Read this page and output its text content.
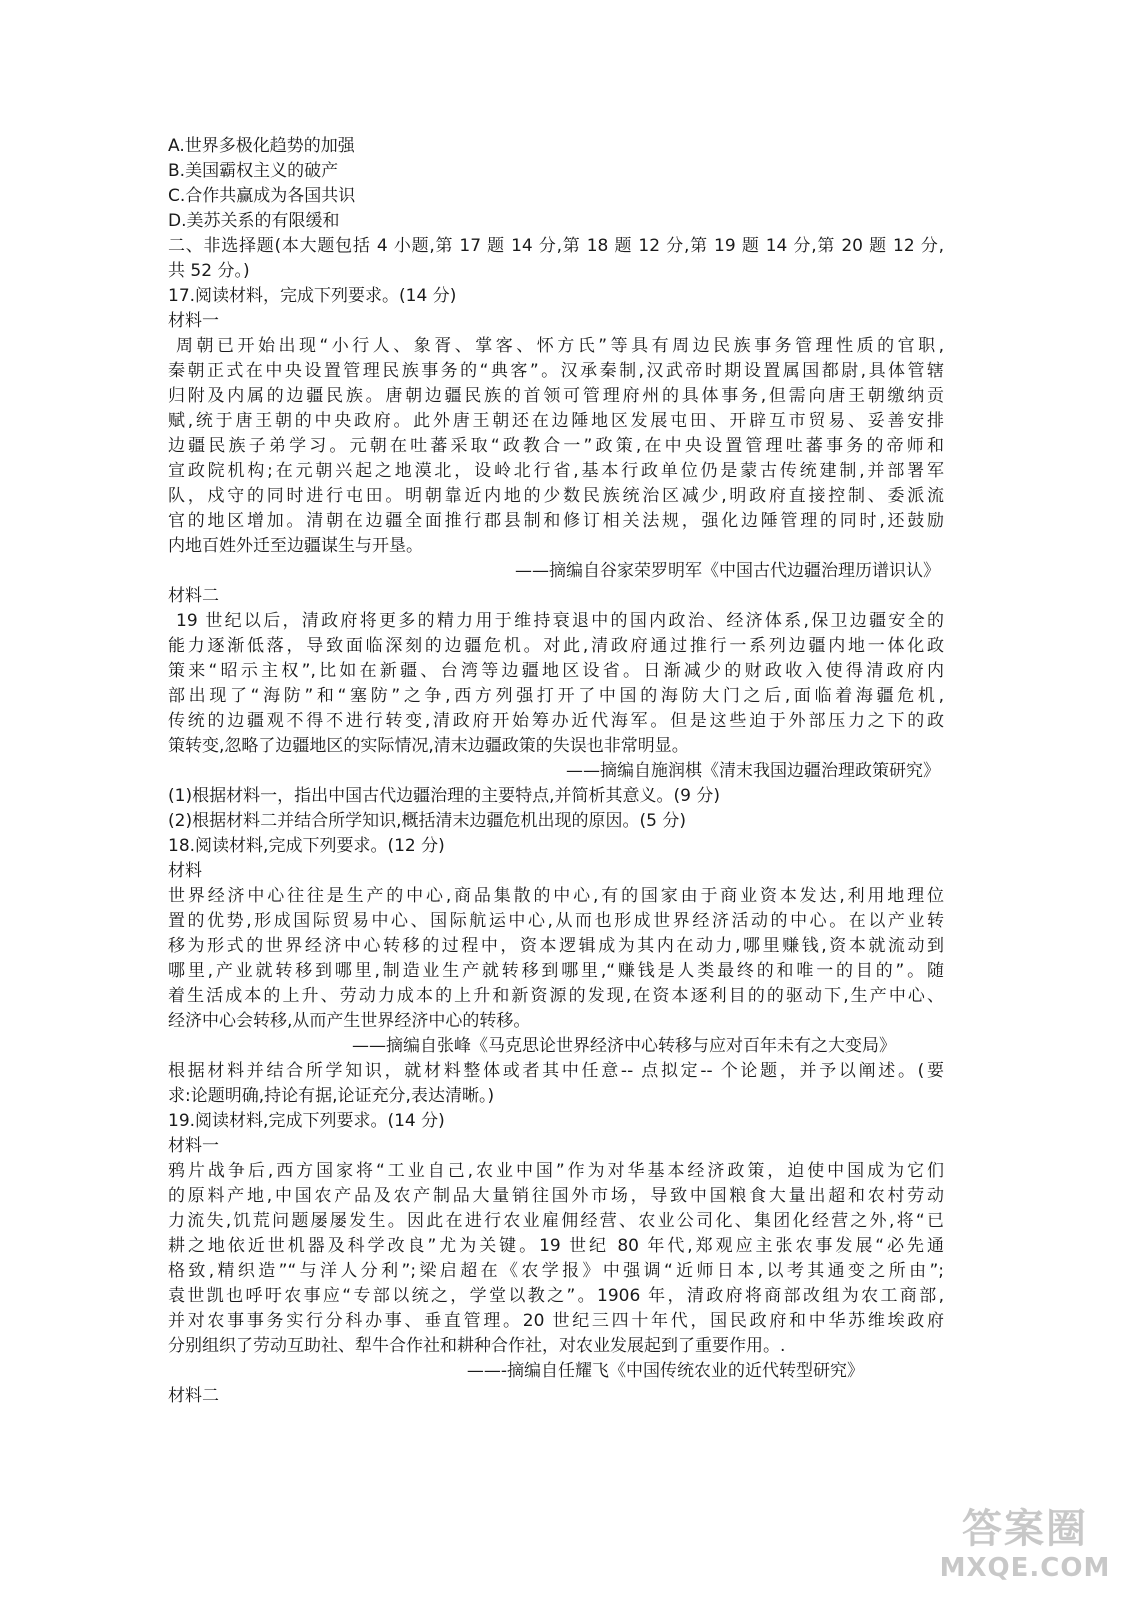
A.世界多极化趋势的加强
B.美国霸权主义的破产
C.合作共赢成为各国共识
D.美苏关系的有限缓和
二、非选择题(本大题包括 4 小题,第 17 题 14 分,第 18 题 12 分,第 19 题 14 分,第 20 题 12 分,
共 52 分。)
17.阅读材料，完成下列要求。(14 分)
材料一
周朝已开始出现“小行人、象胥、掌客、怀方氏”等具有周边民族事务管理性质的官职,
秦朝正式在中央设置管理民族事务的“典客”。汉承秦制,汉武帝时期设置属国都尉,具体管辖
归附及内属的边疆民族。唐朝边疆民族的首领可管理府州的具体事务,但需向唐王朝缴纳贡
赋,统于唐王朝的中央政府。此外唐王朝还在边陲地区发展屯田、开辟互市贸易、妥善安排
边疆民族子弟学习。元朝在吐蕃采取“政教合一”政策,在中央设置管理吐蕃事务的帝师和
宣政院机构;在元朝兴起之地漠北，设岭北行省,基本行政单位仍是蒙古传统建制,并部署军
队，戍守的同时进行屯田。明朝靠近内地的少数民族统治区减少,明政府直接控制、委派流
官的地区增加。清朝在边疆全面推行郡县制和修订相关法规，强化边陲管理的同时,还鼓励
内地百姓外迁至边疆谋生与开垦。
——摘编自谷家荣罗明军《中国古代边疆治理历谱识认》
材料二
19 世纪以后，清政府将更多的精力用于维持衰退中的国内政治、经济体系,保卫边疆安全的
能力逐渐低落，导致面临深刻的边疆危机。对此,清政府通过推行一系列边疆内地一体化政
策来“昭示主权”,比如在新疆、台湾等边疆地区设省。日渐减少的财政收入使得清政府内
部出现了“海防”和“塞防”之争,西方列强打开了中国的海防大门之后,面临着海疆危机,
传统的边疆观不得不进行转变,清政府开始筹办近代海军。但是这些迫于外部压力之下的政
策转变,忽略了边疆地区的实际情况,清末边疆政策的失误也非常明显。
——摘编自施润棋《清末我国边疆治理政策研究》
(1)根据材料一，指出中国古代边疆治理的主要特点,并简析其意义。(9 分)
(2)根据材料二并结合所学知识,概括清末边疆危机出现的原因。(5 分)
18.阅读材料,完成下列要求。(12 分)
材料
世界经济中心往往是生产的中心,商品集散的中心,有的国家由于商业资本发达,利用地理位
置的优势,形成国际贸易中心、国际航运中心,从而也形成世界经济活动的中心。在以产业转
移为形式的世界经济中心转移的过程中，资本逻辑成为其内在动力,哪里赚钱,资本就流动到
哪里,产业就转移到哪里,制造业生产就转移到哪里,“赚钱是人类最终的和唯一的目的”。随
着生活成本的上升、劳动力成本的上升和新资源的发现,在资本逐利目的的驱动下,生产中心、
经济中心会转移,从而产生世界经济中心的转移。
——摘编自张峰《马克思论世界经济中心转移与应对百年未有之大变局》
根据材料并结合所学知识，就材料整体或者其中任意-- 点拟定-- 个论题，并予以阐述。(要
求:论题明确,持论有据,论证充分,表达清晰。)
19.阅读材料,完成下列要求。(14 分)
材料一
鸦片战争后,西方国家将“工业自己,农业中国”作为对华基本经济政策，迫使中国成为它们
的原料产地,中国农产品及农产制品大量销往国外市场，导致中国粮食大量出超和农村劳动
力流失,饥荒问题屡屡发生。因此在进行农业雇佣经营、农业公司化、集团化经营之外,将“已
耕之地依近世机器及科学改良”尤为关键。19 世纪 80 年代,郑观应主张农事发展“必先通
格致,精织造”“与洋人分利”;梁启超在《农学报》中强调“近师日本,以考其通变之所由”;
袁世凯也呼吁农事应“专部以统之，学堂以教之”。1906 年，清政府将商部改组为农工商部,
并对农事事务实行分科办事、垂直管理。20 世纪三四十年代，国民政府和中华苏维埃政府
分别组织了劳动互助社、犁牛合作社和耕种合作社，对农业发展起到了重要作用。.
——-摘编自任耀飞《中国传统农业的近代转型研究》
材料二
答案圈
MXQE.COM
